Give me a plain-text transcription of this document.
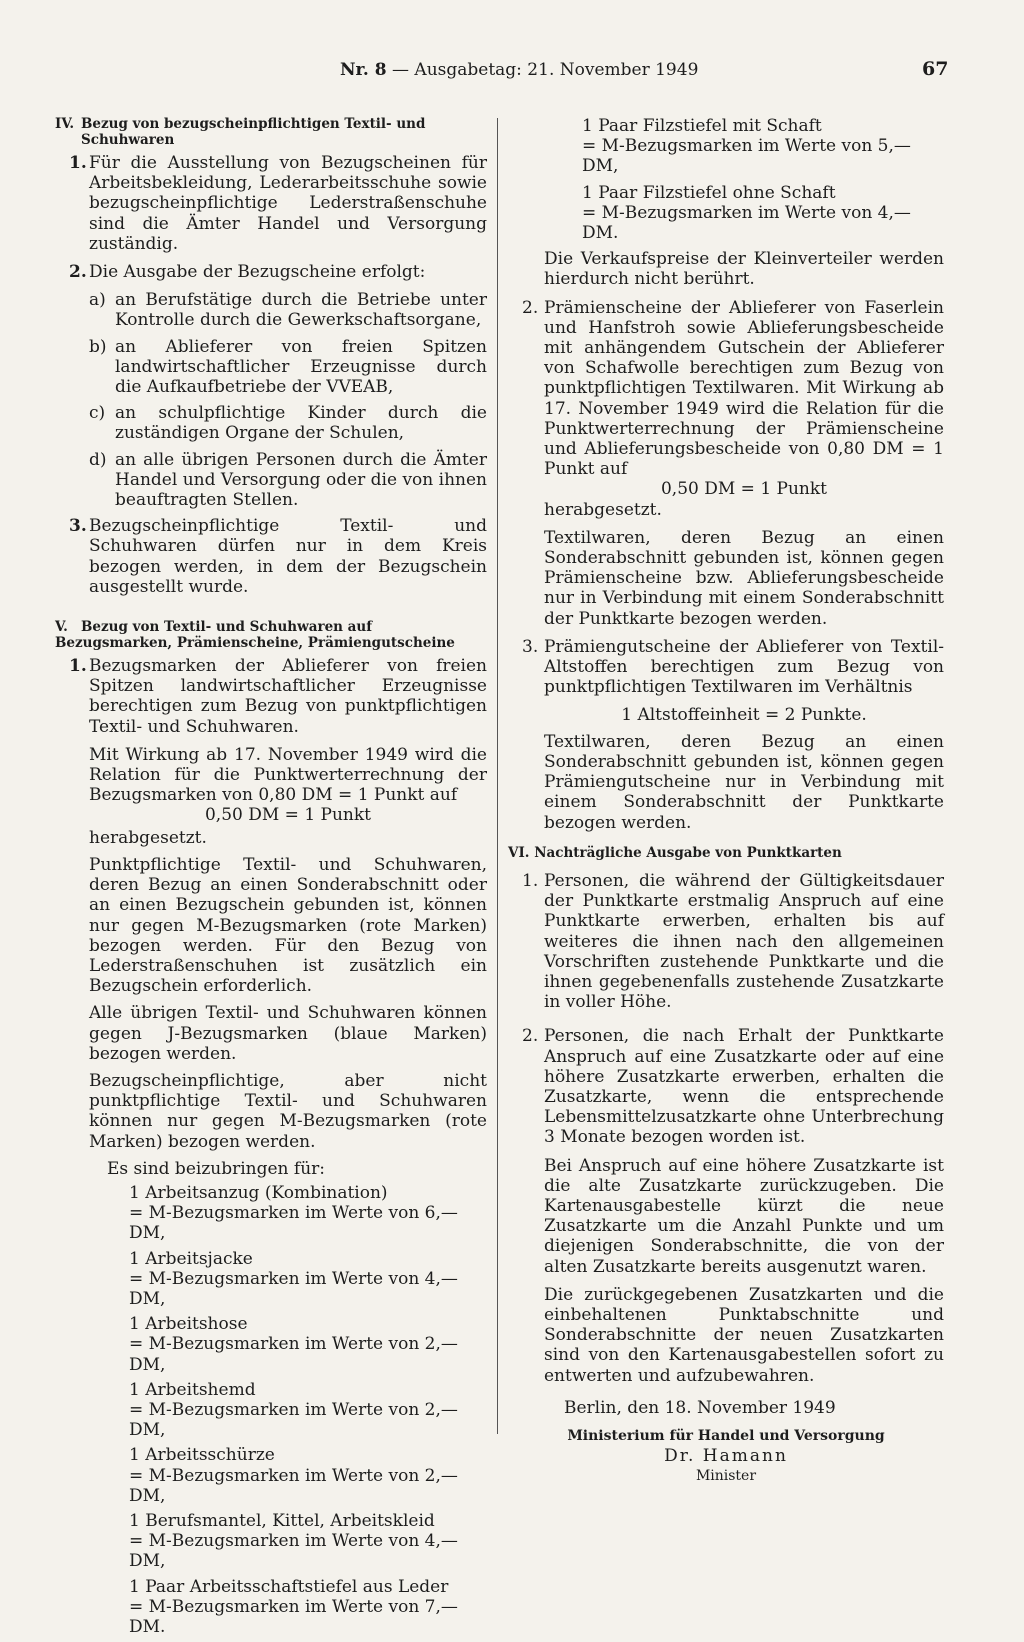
Nr. 8 — Ausgabetag: 21. November 1949	67
IV. Bezug von bezugscheinpflichtigen Textil- und
Schuhwaren
1. Für die Ausstellung von Bezugscheinen für Arbeitsbekleidung, Lederarbeitsschuhe sowie bezugscheinpflichtige Lederstraßenschuhe sind die Ämter Handel und Versorgung zuständig.
2. Die Ausgabe der Bezugscheine erfolgt:
a) an Berufstätige durch die Betriebe unter Kontrolle durch die Gewerkschaftsorgane,
b) an Ablieferer von freien Spitzen landwirtschaftlicher Erzeugnisse durch die Aufkaufbetriebe der VVEAB,
c) an schulpflichtige Kinder durch die zuständigen Organe der Schulen,
d) an alle übrigen Personen durch die Ämter Handel und Versorgung oder die von ihnen beauftragten Stellen.
3. Bezugscheinpflichtige Textil- und Schuhwaren dürfen nur in dem Kreis bezogen werden, in dem der Bezugschein ausgestellt wurde.
V. Bezug von Textil- und Schuhwaren auf Bezugsmarken, Prämienscheine, Prämiengutscheine
1. Bezugsmarken der Ablieferer von freien Spitzen landwirtschaftlicher Erzeugnisse berechtigen zum Bezug von punktpflichtigen Textil- und Schuhwaren.
Mit Wirkung ab 17. November 1949 wird die Relation für die Punktwerterrechnung der Bezugsmarken von 0,80 DM = 1 Punkt auf
0,50 DM = 1 Punkt
herabgesetzt.
Punktpflichtige Textil- und Schuhwaren, deren Bezug an einen Sonderabschnitt oder an einen Bezugschein gebunden ist, können nur gegen M-Bezugsmarken (rote Marken) bezogen werden. Für den Bezug von Lederstraßenschuhen ist zusätzlich ein Bezugschein erforderlich.
Alle übrigen Textil- und Schuhwaren können gegen J-Bezugsmarken (blaue Marken) bezogen werden.
Bezugscheinpflichtige, aber nicht punktpflichtige Textil- und Schuhwaren können nur gegen M-Bezugsmarken (rote Marken) bezogen werden.
Es sind beizubringen für:
1 Arbeitsanzug (Kombination)
= M-Bezugsmarken im Werte von 6,— DM,
1 Arbeitsjacke
= M-Bezugsmarken im Werte von 4,— DM,
1 Arbeitshose
= M-Bezugsmarken im Werte von 2,— DM,
1 Arbeitshemd
= M-Bezugsmarken im Werte von 2,— DM,
1 Arbeitsschürze
= M-Bezugsmarken im Werte von 2,— DM,
1 Berufsmantel, Kittel, Arbeitskleid
= M-Bezugsmarken im Werte von 4,— DM,
1 Paar Arbeitsschaftstiefel aus Leder
= M-Bezugsmarken im Werte von 7,— DM.
1 Paar Filzstiefel mit Schaft
= M-Bezugsmarken im Werte von 5,— DM,
1 Paar Filzstiefel ohne Schaft
= M-Bezugsmarken im Werte von 4,— DM.
Die Verkaufspreise der Kleinverteiler werden hierdurch nicht berührt.
2. Prämienscheine der Ablieferer von Faserlein und Hanfstroh sowie Ablieferungsbescheide mit anhängendem Gutschein der Ablieferer von Schafwolle berechtigen zum Bezug von punktpflichtigen Textilwaren. Mit Wirkung ab 17. November 1949 wird die Relation für die Punktwerterrechnung der Prämienscheine und Ablieferungsbescheide von 0,80 DM = 1 Punkt auf
0,50 DM = 1 Punkt
herabgesetzt.
Textilwaren, deren Bezug an einen Sonderabschnitt gebunden ist, können gegen Prämienscheine bzw. Ablieferungsbescheide nur in Verbindung mit einem Sonderabschnitt der Punktkarte bezogen werden.
3. Prämiengutscheine der Ablieferer von Textil-Altstoffen berechtigen zum Bezug von punktpflichtigen Textilwaren im Verhältnis
1 Altstoffeinheit = 2 Punkte.
Textilwaren, deren Bezug an einen Sonderabschnitt gebunden ist, können gegen Prämiengutscheine nur in Verbindung mit einem Sonderabschnitt der Punktkarte bezogen werden.
VI. Nachträgliche Ausgabe von Punktkarten
1. Personen, die während der Gültigkeitsdauer der Punktkarte erstmalig Anspruch auf eine Punktkarte erwerben, erhalten bis auf weiteres die ihnen nach den allgemeinen Vorschriften zustehende Punktkarte und die ihnen gegebenenfalls zustehende Zusatzkarte in voller Höhe.
2. Personen, die nach Erhalt der Punktkarte Anspruch auf eine Zusatzkarte oder auf eine höhere Zusatzkarte erwerben, erhalten die Zusatzkarte, wenn die entsprechende Lebensmittelzusatzkarte ohne Unterbrechung 3 Monate bezogen worden ist.
Bei Anspruch auf eine höhere Zusatzkarte ist die alte Zusatzkarte zurückzugeben. Die Kartenausgabestelle kürzt die neue Zusatzkarte um die Anzahl Punkte und um diejenigen Sonderabschnitte, die von der alten Zusatzkarte bereits ausgenutzt waren.
Die zurückgegebenen Zusatzkarten und die einbehaltenen Punktabschnitte und Sonderabschnitte der neuen Zusatzkarten sind von den Kartenausgabestellen sofort zu entwerten und aufzubewahren.
Berlin, den 18. November 1949
Ministerium für Handel und Versorgung
Dr. Hamann
Minister
